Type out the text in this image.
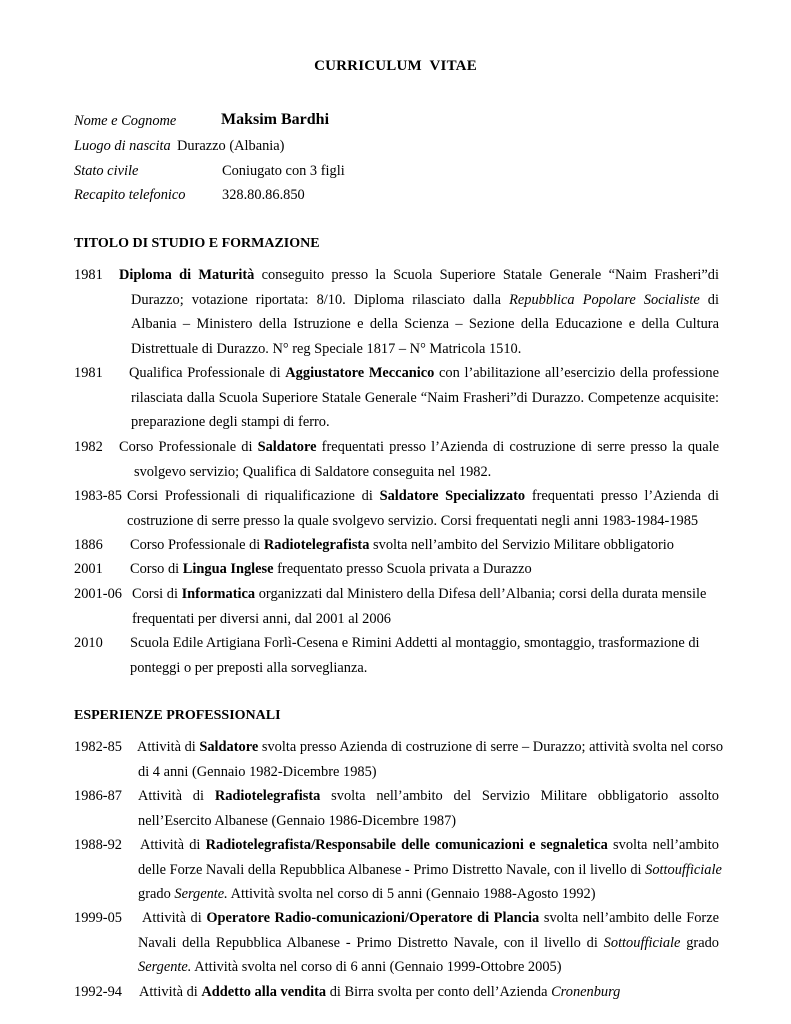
CURRICULUM  VITAE
Nome e Cognome	Maksim Bardhi
Luogo di nascita Durazzo (Albania)
Stato civile	Coniugato con 3 figli
Recapito telefonico	328.80.86.850
TITOLO DI STUDIO E FORMAZIONE
1981 Diploma di Maturità conseguito presso la Scuola Superiore Statale Generale “Naim Frasheri”di
Durazzo; votazione riportata: 8/10. Diploma rilasciato dalla Repubblica Popolare Socialiste di
Albania – Ministero della Istruzione e della Scienza – Sezione della Educazione e della Cultura
Distrettuale di Durazzo. N° reg Speciale 1817 – N° Matricola 1510.
1981 Qualifica Professionale di Aggiustatore Meccanico con l’abilitazione all’esercizio della professione
rilasciata dalla Scuola Superiore Statale Generale “Naim Frasheri”di Durazzo. Competenze acquisite:
preparazione degli stampi di ferro.
1982 Corso Professionale di Saldatore frequentati presso l’Azienda di costruzione di serre presso la quale
svolgevo servizio; Qualifica di Saldatore conseguita nel 1982.
1983-85 Corsi Professionali di riqualificazione di Saldatore Specializzato frequentati presso l’Azienda di
costruzione di serre presso la quale svolgevo servizio. Corsi frequentati negli anni 1983-1984-1985
1886 Corso Professionale di Radiotelegrafista svolta nell’ambito del Servizio Militare obbligatorio
2001 Corso di Lingua Inglese frequentato presso Scuola privata a Durazzo
2001-06 Corsi di Informatica organizzati dal Ministero della Difesa dell’Albania; corsi della durata mensile
frequentati per diversi anni, dal 2001 al 2006
2010 Scuola Edile Artigiana Forlì-Cesena e Rimini Addetti al montaggio, smontaggio, trasformazione di
ponteggi o per preposti alla sorveglianza.
ESPERIENZE PROFESSIONALI
1982-85 Attività di Saldatore svolta presso Azienda di costruzione di serre – Durazzo; attività svolta nel corso
di 4 anni (Gennaio 1982-Dicembre 1985)
1986-87 Attività di Radiotelegrafista svolta nell’ambito del Servizio Militare obbligatorio assolto
nell’Esercito Albanese (Gennaio 1986-Dicembre 1987)
1988-92 Attività di Radiotelegrafista/Responsabile delle comunicazioni e segnaletica svolta nell’ambito
delle Forze Navali della Repubblica Albanese - Primo Distretto Navale, con il livello di Sottoufficiale
grado Sergente. Attività svolta nel corso di 5 anni (Gennaio 1988-Agosto 1992)
1999-05 Attività di Operatore Radio-comunicazioni/Operatore di Plancia svolta nell’ambito delle Forze
Navali della Repubblica Albanese - Primo Distretto Navale, con il livello di Sottoufficiale grado
Sergente. Attività svolta nel corso di 6 anni (Gennaio 1999-Ottobre 2005)
1992-94 Attività di Addetto alla vendita di Birra svolta per conto dell’Azienda Cronenburg
